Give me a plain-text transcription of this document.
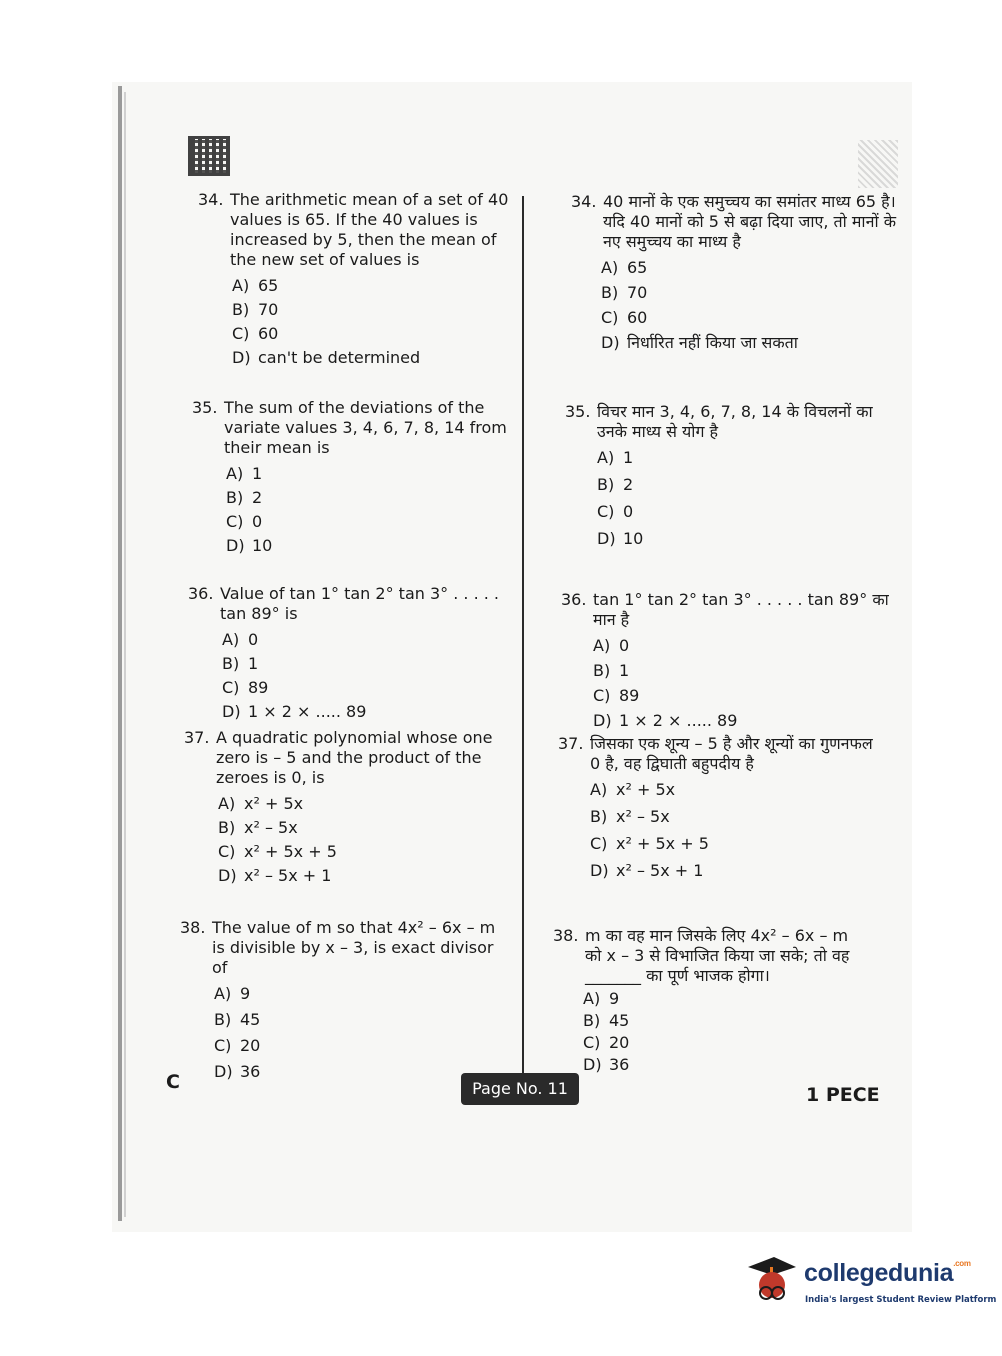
34. The arithmetic mean of a set of 40 values is 65. If the 40 values is increased by 5, then the mean of the new set of values is
A) 65
B) 70
C) 60
D) can't be determined
35. The sum of the deviations of the variate values 3, 4, 6, 7, 8, 14 from their mean is
A) 1
B) 2
C) 0
D) 10
36. Value of tan 1° tan 2° tan 3° . . . . . tan 89° is
A) 0
B) 1
C) 89
D) 1 × 2 × ..... 89
37. A quadratic polynomial whose one zero is – 5 and the product of the zeroes is 0, is
A) x² + 5x
B) x² – 5x
C) x² + 5x + 5
D) x² – 5x + 1
38. The value of m so that 4x² – 6x – m is divisible by x – 3, is exact divisor of
A) 9
B) 45
C) 20
D) 36
34. 40 मानों के एक समुच्चय का समांतर माध्य 65 है। यदि 40 मानों को 5 से बढ़ा दिया जाए, तो मानों के नए समुच्चय का माध्य है
A) 65
B) 70
C) 60
D) निर्धारित नहीं किया जा सकता
35. विचर मान 3, 4, 6, 7, 8, 14 के विचलनों का उनके माध्य से योग है
A) 1
B) 2
C) 0
D) 10
36. tan 1° tan 2° tan 3° . . . . . tan 89° का मान है
A) 0
B) 1
C) 89
D) 1 × 2 × ..... 89
37. जिसका एक शून्य – 5 है और शून्यों का गुणनफल 0 है, वह द्विघाती बहुपदीय है
A) x² + 5x
B) x² – 5x
C) x² + 5x + 5
D) x² – 5x + 1
38. m का वह मान जिसके लिए 4x² – 6x – m को x – 3 से विभाजित किया जा सके; तो वह _______ का पूर्ण भाजक होगा।
A) 9
B) 45
C) 20
D) 36
C	Page No. 11	1 PECE
collegedunia$^{.com}$
India's largest Student Review Platform
